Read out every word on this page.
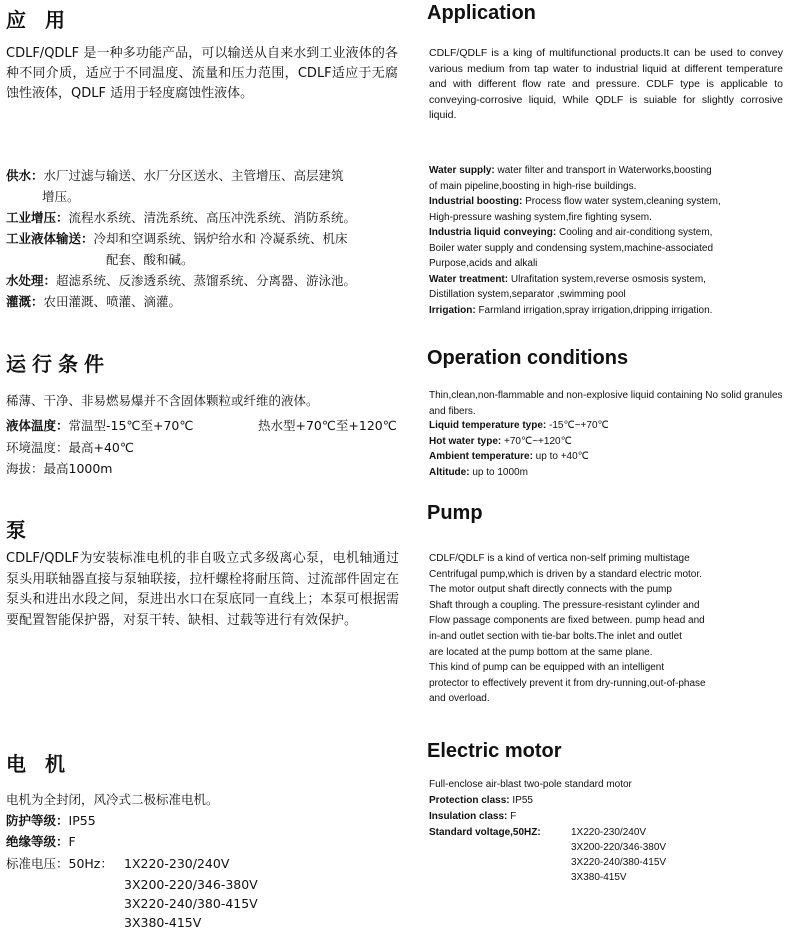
应 用

CDLF/QDLF 是一种多功能产品，可以输送从自来水到工业液体的各种不同介质，适应于不同温度、流量和压力范围，CDLF适应于无腐蚀性液体，QDLF 适用于轻度腐蚀性液体。

供水：水厂过滤与输送、水厂分区送水、主管增压、高层建筑
增压。
工业增压：流程水系统、清洗系统、高压冲洗系统、消防系统。
工业液体输送：冷却和空调系统、锅炉给水和 冷凝系统、机床
配套、酸和碱。
水处理：超滤系统、反渗透系统、蒸馏系统、分离器、游泳池。
灌溉：农田灌溉、喷灌、滴灌。
运行条件
稀薄、干净、非易燃易爆并不含固体颗粒或纤维的液体。
液体温度：常温型-15℃至+70℃	热水型+70℃至+120℃
环境温度：最高+40℃
海拔：最高1000m
泵

CDLF/QDLF为安装标准电机的非自吸立式多级离心泵，电机轴通过泵头用联轴器直接与泵轴联接，拉杆螺栓将耐压筒、过流部件固定在泵头和进出水段之间，泵进出水口在泵底同一直线上；本泵可根据需要配置智能保护器，对泵干转、缺相、过载等进行有效保护。

电 机
电机为全封闭，风冷式二极标准电机。
防护等级：IP55
绝缘等级：F
标准电压：50Hz： 1X220-230/240V
3X200-220/346-380V
3X220-240/380-415V
3X380-415V
Application

CDLF/QDLF is a king of multifunctional products.It can be used to convey various medium from tap water to industrial liquid at different temperature and with different flow rate and pressure. CDLF type is applicable to conveying-corrosive liquid, While QDLF is suiable for slightly corrosive liquid.

Water supply: water filter and transport in Waterworks,boosting
of main pipeline,boosting in high-rise buildings.
Industrial boosting: Process flow water system,cleaning system,
High-pressure washing system,fire fighting sysem.
Industria liquid conveying: Cooling and air-conditiong system,
Boiler water supply and condensing system,machine-associated
Purpose,acids and alkali
Water treatment: Ulrafitation system,reverse osmosis system,
Distillation system,separator ,swimming pool
Irrigation: Farmland irrigation,spray irrigation,dripping irrigation.
Operation conditions

Thin,clean,non-flammable and non-explosive liquid containing No solid granules and fibers.

Liquid temperature type: -15℃~+70℃
Hot water type: +70℃~+120℃
Ambient temperature: up to +40℃
Altitude: up to 1000m
Pump
CDLF/QDLF is a kind of vertica non-self priming multistage
Centrifugal pump,which is driven by a standard electric motor.
The motor output shaft directly connects with the pump
Shaft through a coupling. The pressure-resistant cylinder and
Flow passage components are fixed between. pump head and
in-and outlet section with tie-bar bolts.The inlet and outlet
are located at the pump bottom at the same plane.
This kind of pump can be equipped with an intelligent
protector to effectively prevent it from dry-running,out-of-phase
and overload.
Electric motor
Full-enclose air-blast two-pole standard motor
Protection class: IP55
Insulation class: F
Standard voltage,50HZ:	1X220-230/240V
3X200-220/346-380V
3X220-240/380-415V
3X380-415V
